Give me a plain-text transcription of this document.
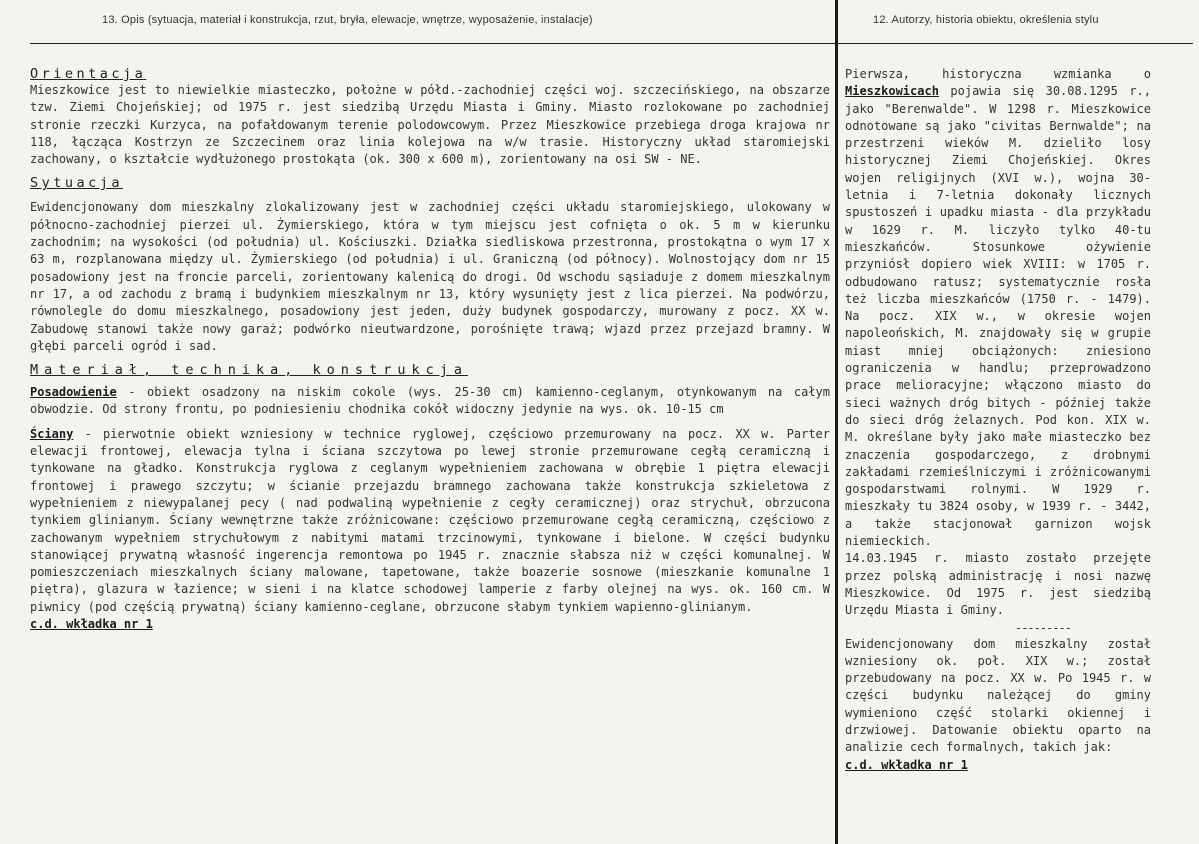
13. Opis (sytuacja, materiał i konstrukcja, rzut, bryła, elewacje, wnętrze, wyposażenie, instalacje)	12. Autorzy, historia obiektu, określenia stylu

Orientacja

Mieszkowice jest to niewielkie miasteczko, położne w półd.-zachodniej części woj. szczecińskiego, na obszarze tzw. Ziemi Chojeńskiej; od 1975 r. jest siedzibą Urzędu Miasta i Gminy. Miasto rozlokowane po zachodniej stronie rzeczki Kurzyca, na pofałdowanym terenie polodowcowym. Przez Mieszkowice przebiega droga krajowa nr 118, łącząca Kostrzyn ze Szczecinem oraz linia kolejowa na w/w trasie. Historyczny układ staromiejski zachowany, o kształcie wydłużonego prostokąta (ok. 300 x 600 m), zorientowany na osi SW - NE.

Sytuacja

Ewidencjonowany dom mieszkalny zlokalizowany jest w zachodniej części układu staromiejskiego, ulokowany w północno-zachodniej pierzei ul. Żymierskiego, która w tym miejscu jest cofnięta o ok. 5 m w kierunku zachodnim; na wysokości (od południa) ul. Kościuszki. Działka siedliskowa przestronna, prostokątna o wym 17 x 63 m, rozplanowana między ul. Żymierskiego (od południa) i ul. Graniczną (od północy). Wolnostojący dom nr 15 posadowiony jest na froncie parceli, zorientowany kalenicą do drogi. Od wschodu sąsiaduje z domem mieszkalnym nr 17, a od zachodu z bramą i budynkiem mieszkalnym nr 13, który wysunięty jest z lica pierzei. Na podwórzu, równolegle do domu mieszkalnego, posadowiony jest jeden, duży budynek gospodarczy, murowany z pocz. XX w. Zabudowę stanowi także nowy garaż; podwórko nieutwardzone, porośnięte trawą; wjazd przez przejazd bramny. W głębi parceli ogród i sad.

Materiał, technika, konstrukcja

Posadowienie - obiekt osadzony na niskim cokole (wys. 25-30 cm) kamienno-ceglanym, otynkowanym na całym obwodzie. Od strony frontu, po podniesieniu chodnika cokół widoczny jedynie na wys. ok. 10-15 cm

Ściany - pierwotnie obiekt wzniesiony w technice ryglowej, częściowo przemurowany na pocz. XX w. Parter elewacji frontowej, elewacja tylna i ściana szczytowa po lewej stronie przemurowane cegłą ceramiczną i tynkowane na gładko. Konstrukcja ryglowa z ceglanym wypełnieniem zachowana w obrębie 1 piętra elewacji frontowej i prawego szczytu; w ścianie przejazdu bramnego zachowana także konstrukcja szkieletowa z wypełnieniem z niewypalanej pecy ( nad podwaliną wypełnienie z cegły ceramicznej) oraz strychuł, obrzucona tynkiem glinianym. Ściany wewnętrzne także zróżnicowane: częściowo przemurowane cegłą ceramiczną, częściowo z zachowanym wypełniem strychułowym z nabitymi matami trzcinowymi, tynkowane i bielone. W części budynku stanowiącej prywatną własność ingerencja remontowa po 1945 r. znacznie słabsza niż w części komunalnej. W pomieszczeniach mieszkalnych ściany malowane, tapetowane, także boazerie sosnowe (mieszkanie komunalne 1 piętra), glazura w łazience; w sieni i na klatce schodowej lamperie z farby olejnej na wys. ok. 160 cm. W piwnicy (pod częścią prywatną) ściany kamienno-ceglane, obrzucone słabym tynkiem wapienno-glinianym.

c.d. wkładka nr 1

Pierwsza, historyczna wzmianka o Mieszkowicach pojawia się 30.08.1295 r., jako "Berenwalde". W 1298 r. Mieszkowice odnotowane są jako "civitas Bernwalde"; na przestrzeni wieków M. dzieliło losy historycznej Ziemi Chojeńskiej. Okres wojen religijnych (XVI w.), wojna 30-letnia i 7-letnia dokonały licznych spustoszeń i upadku miasta - dla przykładu w 1629 r. M. liczyło tylko 40-tu mieszkańców. Stosunkowe ożywienie przyniósł dopiero wiek XVIII: w 1705 r. odbudowano ratusz; systematycznie rosła też liczba mieszkańców (1750 r. - 1479). Na pocz. XIX w., w okresie wojen napoleońskich, M. znajdowały się w grupie miast mniej obciążonych: zniesiono ograniczenia w handlu; przeprowadzono prace melioracyjne; włączono miasto do sieci ważnych dróg bitych - później także do sieci dróg żelaznych. Pod kon. XIX w. M. określane były jako małe miasteczko bez znaczenia gospodarczego, z drobnymi zakładami rzemieślniczymi i zróżnicowanymi gospodarstwami rolnymi. W 1929 r. mieszkały tu 3824 osoby, w 1939 r. - 3442, a także stacjonował garnizon wojsk niemieckich.

14.03.1945 r. miasto zostało przejęte przez polską administrację i nosi nazwę Mieszkowice. Od 1975 r. jest siedzibą Urzędu Miasta i Gminy.

---------

Ewidencjonowany dom mieszkalny został wzniesiony ok. poł. XIX w.; został przebudowany na pocz. XX w. Po 1945 r. w części budynku należącej do gminy wymieniono część stolarki okiennej i drzwiowej. Datowanie obiektu oparto na analizie cech formalnych, takich jak:

c.d. wkładka nr 1
